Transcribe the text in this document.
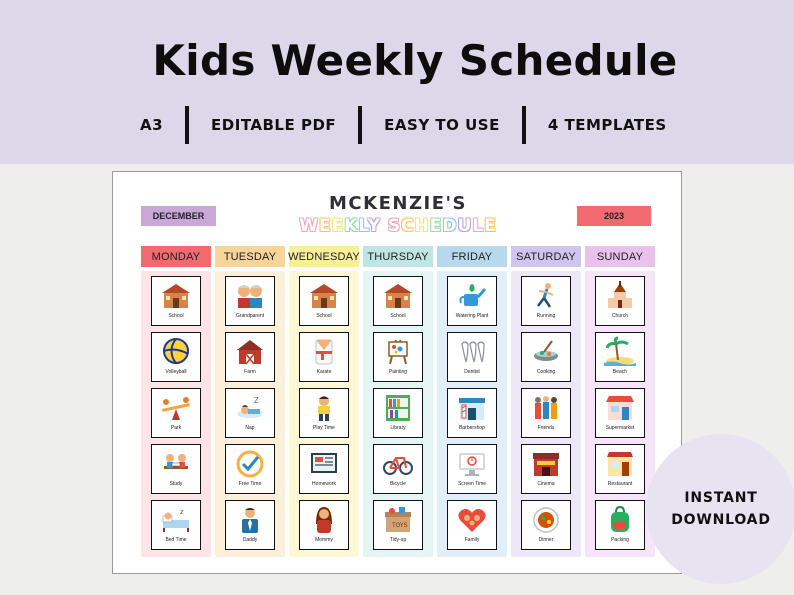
Kids Weekly Schedule
A3	EDITABLE PDF	EASY TO USE	4 TEMPLATES
DECEMBER
MCKENZIE'S
WEEKLY SCHEDULE	2023
MONDAY
School
Volleyball
Park
Study
z
Bed Time
TUESDAY
Grandparent
Farm
Z
Nap
Free Time
Daddy
WEDNESDAY
School
Karate
Play Time
Homework
Mommy
THURSDAY
School
Painting
Library
Bicycle
TOYS
Tidy-up
FRIDAY
Watering Plant
Dentist
Barbershop
Screen Time
Family
SATURDAY
Running
Cooking
Friends
Cinema
Dinner
SUNDAY
Church
Beach
Supermarket
Restaurant
Packing
INSTANT
DOWNLOAD
